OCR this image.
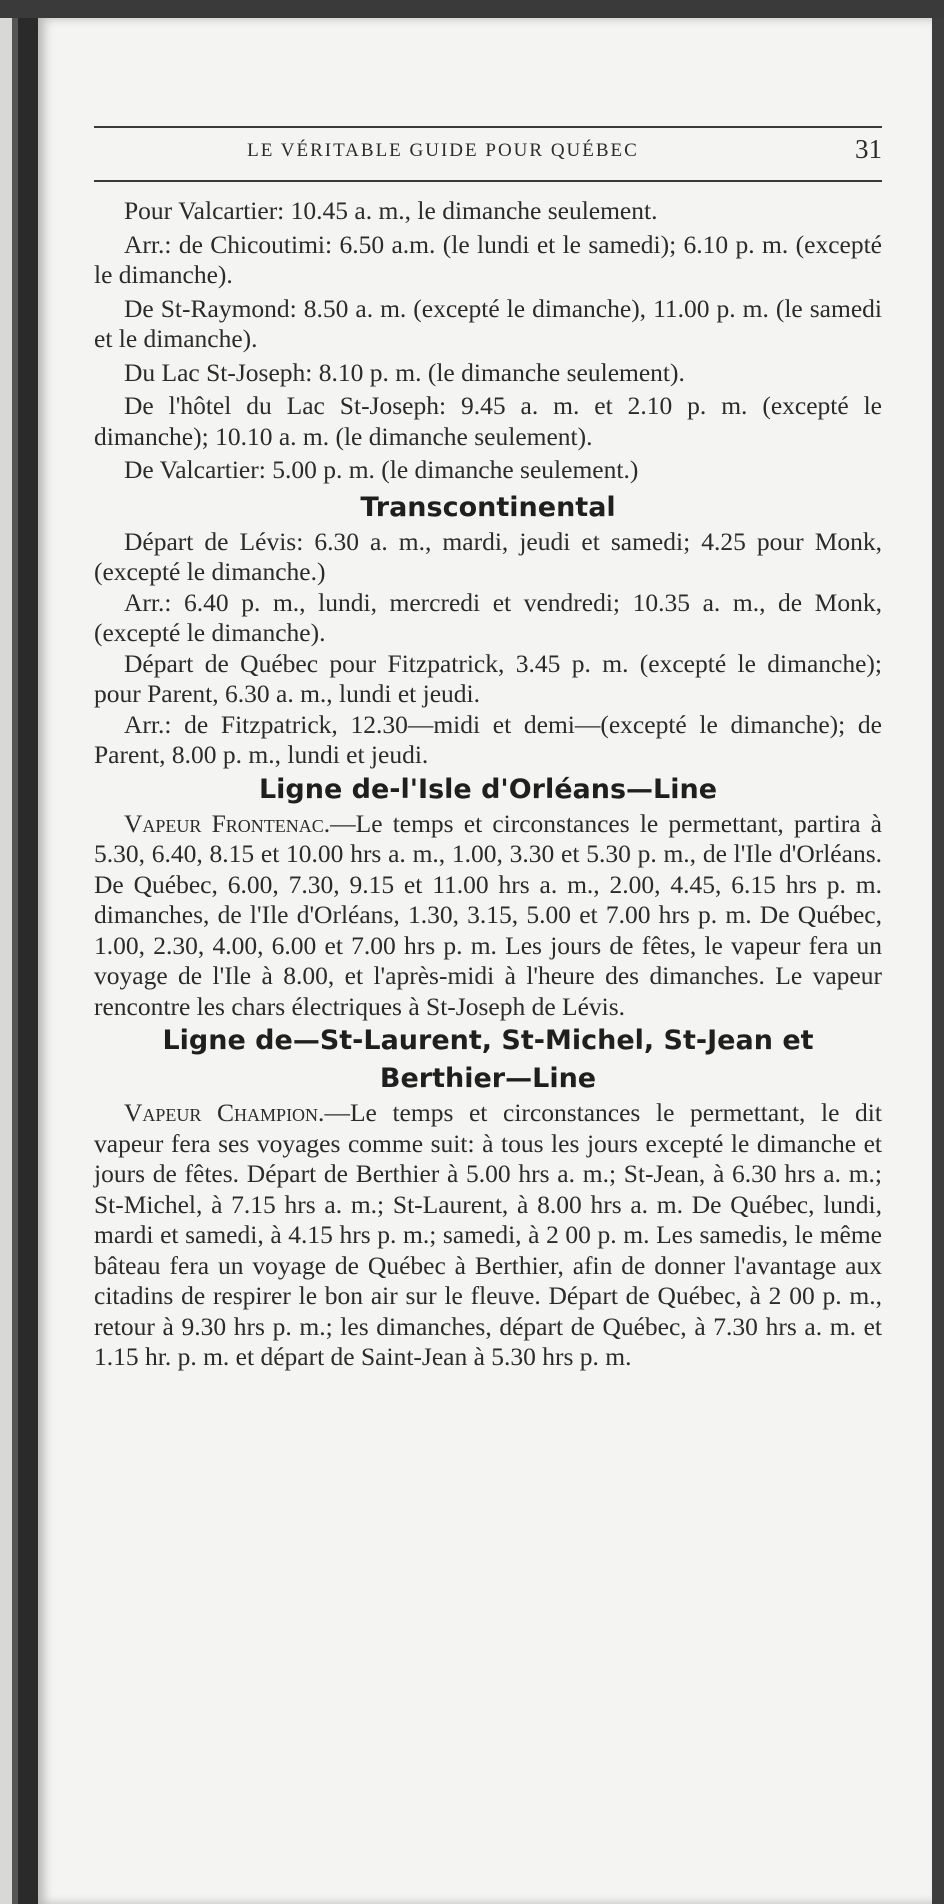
LE VÉRITABLE GUIDE POUR QUÉBEC	31

Pour Valcartier: 10.45 a. m., le dimanche seulement.

Arr.: de Chicoutimi: 6.50 a.m. (le lundi et le samedi); 6.10 p. m. (excepté le dimanche).

De St-Raymond: 8.50 a. m. (excepté le dimanche), 11.00 p. m. (le samedi et le dimanche).

Du Lac St-Joseph: 8.10 p. m. (le dimanche seulement).

De l'hôtel du Lac St-Joseph: 9.45 a. m. et 2.10 p. m. (excepté le dimanche); 10.10 a. m. (le dimanche seulement).

De Valcartier: 5.00 p. m. (le dimanche seulement.)

Transcontinental

Départ de Lévis: 6.30 a. m., mardi, jeudi et samedi; 4.25 pour Monk, (excepté le dimanche.)

Arr.: 6.40 p. m., lundi, mercredi et vendredi; 10.35 a. m., de Monk, (excepté le dimanche).

Départ de Québec pour Fitzpatrick, 3.45 p. m. (excepté le dimanche); pour Parent, 6.30 a. m., lundi et jeudi.

Arr.: de Fitzpatrick, 12.30—midi et demi—(excepté le dimanche); de Parent, 8.00 p. m., lundi et jeudi.

Ligne de-l'Isle d'Orléans—Line

Vapeur Frontenac.—Le temps et circonstances le permettant, partira à 5.30, 6.40, 8.15 et 10.00 hrs a. m., 1.00, 3.30 et 5.30 p. m., de l'Ile d'Orléans. De Québec, 6.00, 7.30, 9.15 et 11.00 hrs a. m., 2.00, 4.45, 6.15 hrs p. m. dimanches, de l'Ile d'Orléans, 1.30, 3.15, 5.00 et 7.00 hrs p. m. De Québec, 1.00, 2.30, 4.00, 6.00 et 7.00 hrs p. m. Les jours de fêtes, le vapeur fera un voyage de l'Ile à 8.00, et l'après-midi à l'heure des dimanches. Le vapeur rencontre les chars électriques à St-Joseph de Lévis.

Ligne de—St-Laurent, St-Michel, St-Jean et
Berthier—Line

Vapeur Champion.—Le temps et circonstances le permettant, le dit vapeur fera ses voyages comme suit: à tous les jours excepté le dimanche et jours de fêtes. Départ de Berthier à 5.00 hrs a. m.; St-Jean, à 6.30 hrs a. m.; St-Michel, à 7.15 hrs a. m.; St-Laurent, à 8.00 hrs a. m. De Québec, lundi, mardi et samedi, à 4.15 hrs p. m.; samedi, à 2 00 p. m. Les samedis, le même bâteau fera un voyage de Québec à Berthier, afin de donner l'avantage aux citadins de respirer le bon air sur le fleuve. Départ de Québec, à 2 00 p. m., retour à 9.30 hrs p. m.; les dimanches, départ de Québec, à 7.30 hrs a. m. et 1.15 hr. p. m. et départ de Saint-Jean à 5.30 hrs p. m.
